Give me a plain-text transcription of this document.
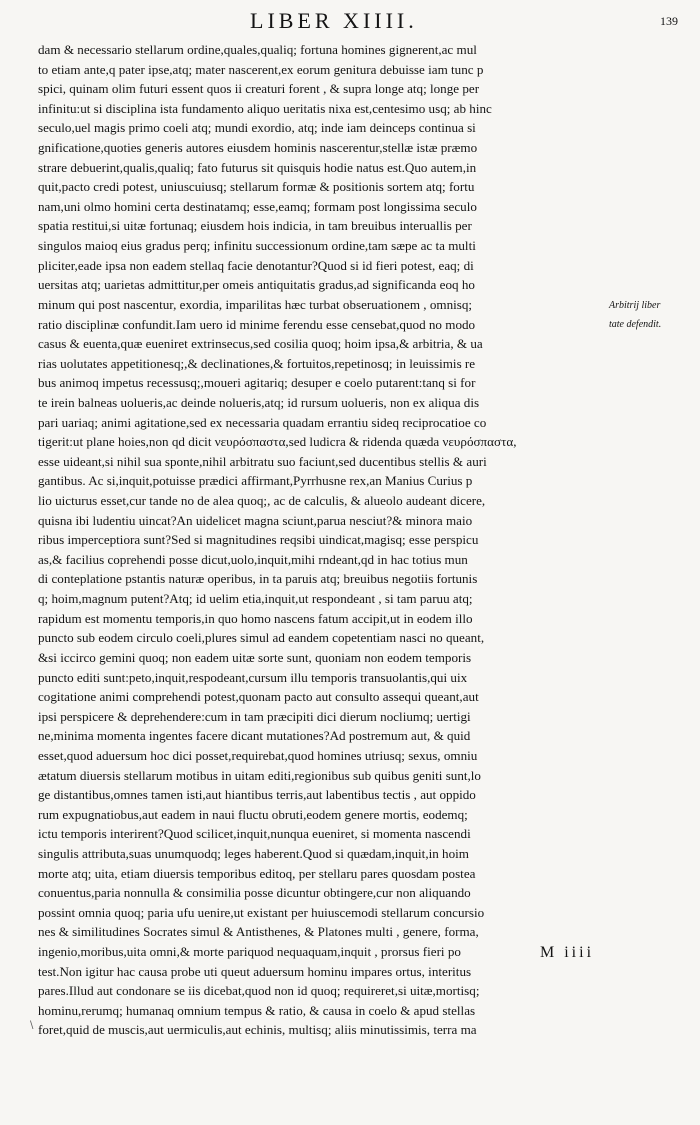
LIBER XIIII.	139
dam & necessario stellarum ordine,quales,qualiq; fortuna homines gignerent,ac mul
to etiam ante,q pater ipse,atq; mater nascerent,ex eorum genitura debuisse iam tunc p
spici, quinam olim futuri essent quos ii creaturi forent , & supra longe atq; longe per
infinitu:ut si disciplina ista fundamento aliquo ueritatis nixa est,centesimo usq; ab hinc
seculo,uel magis primo coeli atq; mundi exordio, atq; inde iam deinceps continua si
gnificatione,quoties generis autores eiusdem hominis nascerentur,stellæ istæ præmo
strare debuerint,qualis,qualiq; fato futurus sit quisquis hodie natus est.Quo autem,in
quit,pacto credi potest, uniuscuiusq; stellarum formæ & positionis sortem atq; fortu
nam,uni olmo homini certa destinatamq; esse,eamq; formam post longissima seculo
spatia restitui,si uitæ fortunaq; eiusdem hois indicia, in tam breuibus interuallis per
singulos maioq eius gradus perq; infinitu successionum ordine,tam sæpe ac ta multi
pliciter,eade ipsa non eadem stellaq facie denotantur?Quod si id fieri potest, eaq; di
uersitas atq; uarietas admittitur,per omeis antiquitatis gradus,ad significanda eoq ho
minum qui post nascentur, exordia, imparilitas hæc turbat obseruationem , omnisq;
ratio disciplinæ confundit.Iam uero id minime ferendu esse censebat,quod no modo
casus & euenta,quæ eueniret extrinsecus,sed cosilia quoq; hoim ipsa,& arbitria, & ua
rias uolutates appetitionesq;,& declinationes,& fortuitos,repetinosq; in leuissimis re
bus animoq impetus recessusq;,moueri agitariq; desuper e coelo putarent:tanq si for
te irein balneas uolueris,ac deinde nolueris,atq; id rursum uolueris, non ex aliqua dis
pari uariaq; animi agitatione,sed ex necessaria quadam errantiu sideq reciprocatioe co
tigerit:ut plane hoies,non qd dicit νευρόσπαστα,sed ludicra & ridenda quæda νευρόσπαστα,
esse uideant,si nihil sua sponte,nihil arbitratu suo faciunt,sed ducentibus stellis & auri
gantibus. Ac si,inquit,potuisse prædici affirmant,Pyrrhusne rex,an Manius Curius p
lio uicturus esset,cur tande no de alea quoq;, ac de calculis, & alueolo audeant dicere,
quisna ibi ludentiu uincat?An uidelicet magna sciunt,parua nesciut?& minora maio
ribus imperceptiora sunt?Sed si magnitudines reqsibi uindicat,magisq; esse perspicu
as,& facilius coprehendi posse dicut,uolo,inquit,mihi rndeant,qd in hac totius mun
di conteplatione pstantis naturæ operibus, in ta paruis atq; breuibus negotiis fortunis
q; hoim,magnum putent?Atq; id uelim etia,inquit,ut respondeant , si tam paruu atq;
rapidum est momentu temporis,in quo homo nascens fatum accipit,ut in eodem illo
puncto sub eodem circulo coeli,plures simul ad eandem copetentiam nasci no queant,
&si iccirco gemini quoq; non eadem uitæ sorte sunt, quoniam non eodem temporis
puncto editi sunt:peto,inquit,respodeant,cursum illu temporis transuolantis,qui uix
cogitatione animi comprehendi potest,quonam pacto aut consulto assequi queant,aut
ipsi perspicere & deprehendere:cum in tam præcipiti dici dierum nocliumq; uertigi
ne,minima momenta ingentes facere dicant mutationes?Ad postremum aut, & quid
esset,quod aduersum hoc dici posset,requirebat,quod homines utriusq; sexus, omniu
ætatum diuersis stellarum motibus in uitam editi,regionibus sub quibus geniti sunt,lo
ge distantibus,omnes tamen isti,aut hiantibus terris,aut labentibus tectis , aut oppido
rum expugnatiobus,aut eadem in naui fluctu obruti,eodem genere mortis, eodemq;
ictu temporis interirent?Quod scilicet,inquit,nunqua eueniret, si momenta nascendi
singulis attributa,suas unumquodq; leges haberent.Quod si quædam,inquit,in hoim
morte atq; uita, etiam diuersis temporibus editoq, per stellaru pares quosdam postea
conuentus,paria nonnulla & consimilia posse dicuntur obtingere,cur non aliquando
possint omnia quoq; paria ufu uenire,ut existant per huiuscemodi stellarum concursio
nes & similitudines Socrates simul & Antisthenes, & Platones multi , genere, forma,
ingenio,moribus,uita omni,& morte pariquod nequaquam,inquit , prorsus fieri po
test.Non igitur hac causa probe uti queut aduersum hominu impares ortus, interitus
pares.Illud aut condonare se iis dicebat,quod non id quoq; requireret,si uitæ,mortisq;
hominu,rerumq; humanaq omnium tempus & ratio, & causa in coelo & apud stellas
foret,quid de muscis,aut uermiculis,aut echinis, multisq; aliis minutissimis, terra ma
Arbitrij liber
tate defendit.
M iiii
\
